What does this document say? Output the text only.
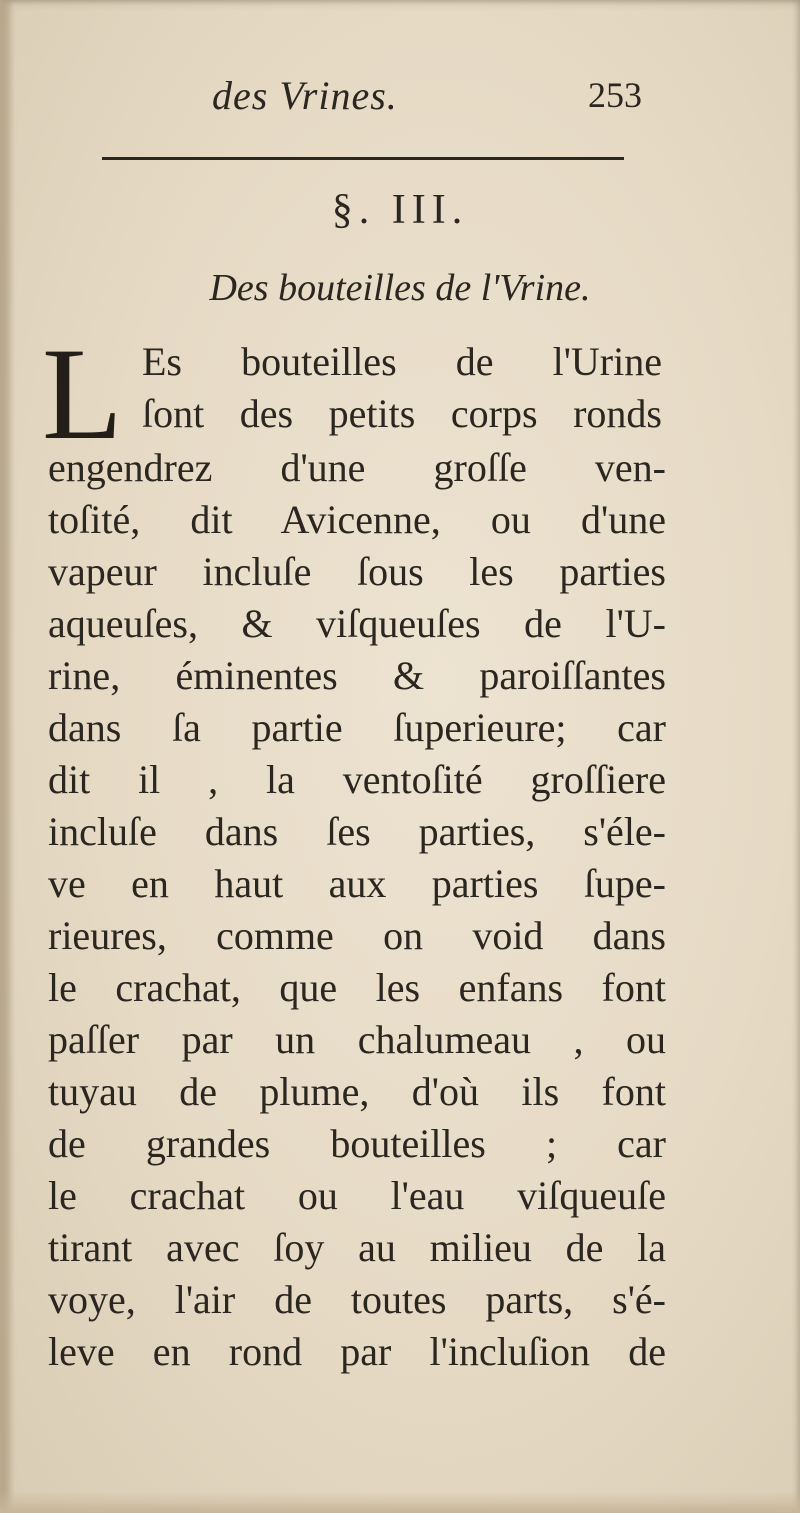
des Vrines.	253
§. III.
Des bouteilles de l'Vrine.
L Es bouteilles de l'Urine
ſont des petits corps ronds
engendrez d'une groſſe ven-
toſité, dit Avicenne, ou d'une
vapeur incluſe ſous les parties
aqueuſes, & viſqueuſes de l'U-
rine, éminentes & paroiſſantes
dans ſa partie ſuperieure; car
dit il , la ventoſité groſſiere
incluſe dans ſes parties, s'éle-
ve en haut aux parties ſupe-
rieures, comme on void dans
le crachat, que les enfans font
paſſer par un chalumeau , ou
tuyau de plume, d'où ils font
de grandes bouteilles ; car
le crachat ou l'eau viſqueuſe
tirant avec ſoy au milieu de la
voye, l'air de toutes parts, s'é-
leve en rond par l'incluſion de
